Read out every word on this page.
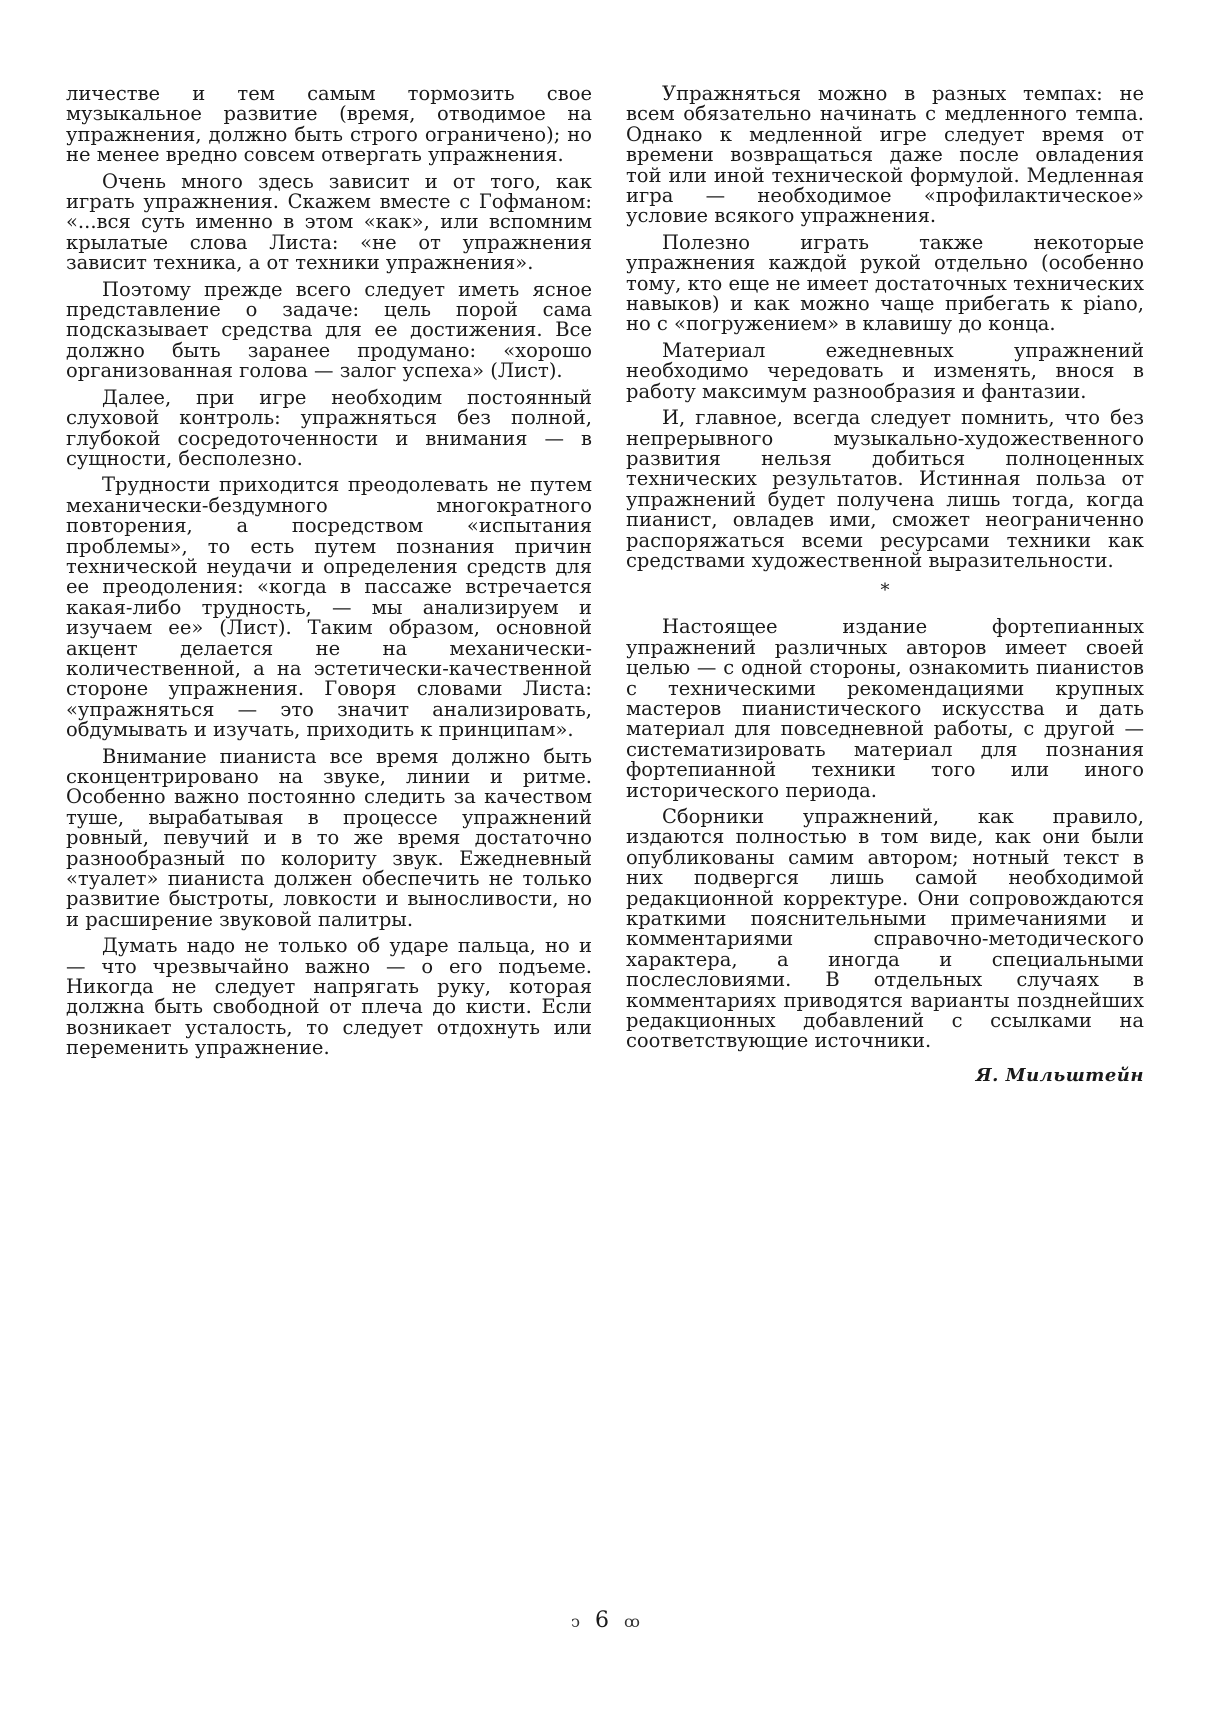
личестве и тем самым тормозить свое музыкальное развитие (время, отводимое на упражнения, должно быть строго ограничено); но не менее вредно совсем отвергать упражнения.

Очень много здесь зависит и от того, как играть упражнения. Скажем вместе с Гофманом: «...вся суть именно в этом «как», или вспомним крылатые слова Листа: «не от упражнения зависит техника, а от техники упражнения».

Поэтому прежде всего следует иметь ясное представление о задаче: цель порой сама подсказывает средства для ее достижения. Все должно быть заранее продумано: «хорошо организованная голова — залог успеха» (Лист).

Далее, при игре необходим постоянный слуховой контроль: упражняться без полной, глубокой сосредоточенности и внимания — в сущности, бесполезно.

Трудности приходится преодолевать не путем механически-бездумного многократного повторения, а посредством «испытания проблемы», то есть путем познания причин технической неудачи и определения средств для ее преодоления: «когда в пассаже встречается какая-либо трудность, — мы анализируем и изучаем ее» (Лист). Таким образом, основной акцент делается не на механически-количественной, а на эстетически-качественной стороне упражнения. Говоря словами Листа: «упражняться — это значит анализировать, обдумывать и изучать, приходить к принципам».

Внимание пианиста все время должно быть сконцентрировано на звуке, линии и ритме. Особенно важно постоянно следить за качеством туше, вырабатывая в процессе упражнений ровный, певучий и в то же время достаточно разнообразный по колориту звук. Ежедневный «туалет» пианиста должен обеспечить не только развитие быстроты, ловкости и выносливости, но и расширение звуковой палитры.

Думать надо не только об ударе пальца, но и — что чрезвычайно важно — о его подъеме. Никогда не следует напрягать руку, которая должна быть свободной от плеча до кисти. Если возникает усталость, то следует отдохнуть или переменить упражнение.

Упражняться можно в разных темпах: не всем обязательно начинать с медленного темпа. Однако к медленной игре следует время от времени возвращаться даже после овладения той или иной технической формулой. Медленная игра — необходимое «профилактическое» условие всякого упражнения.

Полезно играть также некоторые упражнения каждой рукой отдельно (особенно тому, кто еще не имеет достаточных технических навыков) и как можно чаще прибегать к piano, но с «погружением» в клавишу до конца.

Материал ежедневных упражнений необходимо чередовать и изменять, внося в работу максимум разнообразия и фантазии.

И, главное, всегда следует помнить, что без непрерывного музыкально-художественного развития нельзя добиться полноценных технических результатов. Истинная польза от упражнений будет получена лишь тогда, когда пианист, овладев ими, сможет неограниченно распоряжаться всеми ресурсами техники как средствами художественной выразительности.

*

Настоящее издание фортепианных упражнений различных авторов имеет своей целью — с одной стороны, ознакомить пианистов с техническими рекомендациями крупных мастеров пианистического искусства и дать материал для повседневной работы, с другой — систематизировать материал для познания фортепианной техники того или иного исторического периода.

Сборники упражнений, как правило, издаются полностью в том виде, как они были опубликованы самим автором; нотный текст в них подвергся лишь самой необходимой редакционной корректуре. Они сопровождаются краткими пояснительными примечаниями и комментариями справочно-методического характера, а иногда и специальными послесловиями. В отдельных случаях в комментариях приводятся варианты позднейших редакционных добавлений с ссылками на соответствующие источники.

Я. Мильштейн
ↄ 6 ꝏ
